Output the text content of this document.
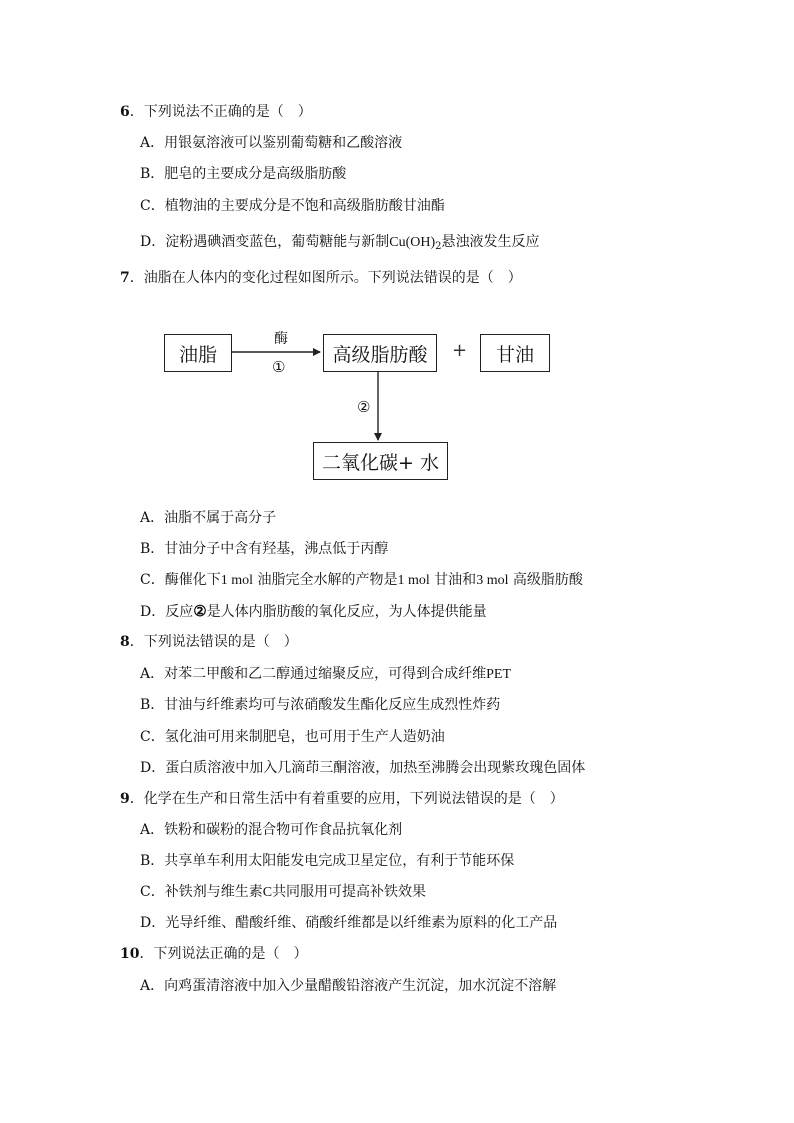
6．下列说法不正确的是（　）
A．用银氨溶液可以鉴别葡萄糖和乙酸溶液
B．肥皂的主要成分是高级脂肪酸
C．植物油的主要成分是不饱和高级脂肪酸甘油酯
D．淀粉遇碘酒变蓝色，葡萄糖能与新制$Cu(OH)_2$悬浊液发生反应
7．油脂在人体内的变化过程如图所示。下列说法错误的是（　）
油脂
酶
①
高级脂肪酸	+	甘油
②
二氧化碳+ 水
A．油脂不属于高分子
B．甘油分子中含有羟基，沸点低于丙醇
C．酶催化下1 mol 油脂完全水解的产物是1 mol 甘油和3 mol 高级脂肪酸
D．反应②是人体内脂肪酸的氧化反应，为人体提供能量
8．下列说法错误的是（　）
A．对苯二甲酸和乙二醇通过缩聚反应，可得到合成纤维PET
B．甘油与纤维素均可与浓硝酸发生酯化反应生成烈性炸药
C．氢化油可用来制肥皂，也可用于生产人造奶油
D．蛋白质溶液中加入几滴茚三酮溶液，加热至沸腾会出现紫玫瑰色固体
9．化学在生产和日常生活中有着重要的应用，下列说法错误的是（　）
A．铁粉和碳粉的混合物可作食品抗氧化剂
B．共享单车利用太阳能发电完成卫星定位，有利于节能环保
C．补铁剂与维生素C共同服用可提高补铁效果
D．光导纤维、醋酸纤维、硝酸纤维都是以纤维素为原料的化工产品
10．下列说法正确的是（　）
A．向鸡蛋清溶液中加入少量醋酸铅溶液产生沉淀，加水沉淀不溶解
